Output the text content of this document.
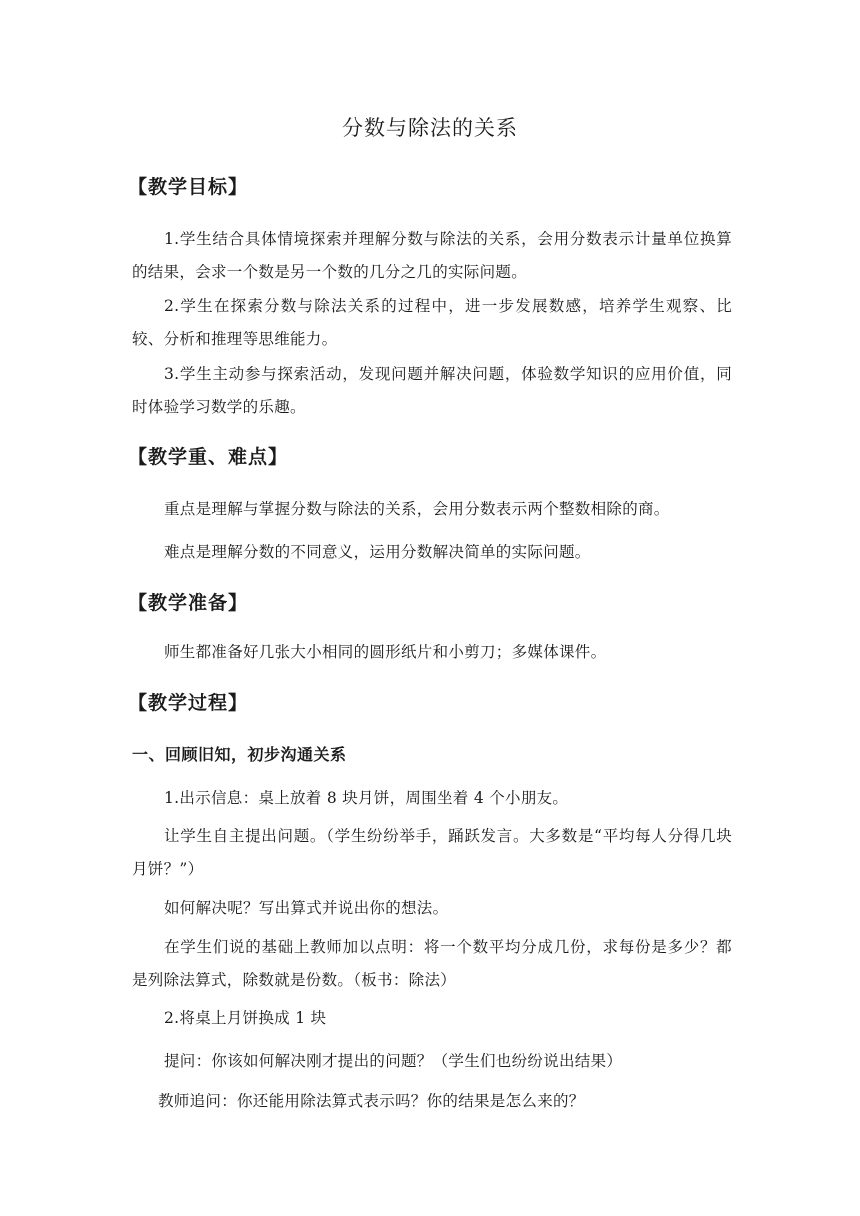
分数与除法的关系
【教学目标】
1.学生结合具体情境探索并理解分数与除法的关系，会用分数表示计量单位换算的结果，会求一个数是另一个数的几分之几的实际问题。
2.学生在探索分数与除法关系的过程中，进一步发展数感，培养学生观察、比较、分析和推理等思维能力。
3.学生主动参与探索活动，发现问题并解决问题，体验数学知识的应用价值，同时体验学习数学的乐趣。
【教学重、难点】
重点是理解与掌握分数与除法的关系，会用分数表示两个整数相除的商。
难点是理解分数的不同意义，运用分数解决简单的实际问题。
【教学准备】
师生都准备好几张大小相同的圆形纸片和小剪刀；多媒体课件。
【教学过程】
一、回顾旧知，初步沟通关系
1.出示信息：桌上放着 8 块月饼，周围坐着 4 个小朋友。
让学生自主提出问题。（学生纷纷举手，踊跃发言。大多数是“平均每人分得几块月饼？”）
如何解决呢？写出算式并说出你的想法。
在学生们说的基础上教师加以点明：将一个数平均分成几份，求每份是多少？都是列除法算式，除数就是份数。（板书：除法）
2.将桌上月饼换成 1 块
提问：你该如何解决刚才提出的问题？（学生们也纷纷说出结果）
教师追问：你还能用除法算式表示吗？你的结果是怎么来的？
